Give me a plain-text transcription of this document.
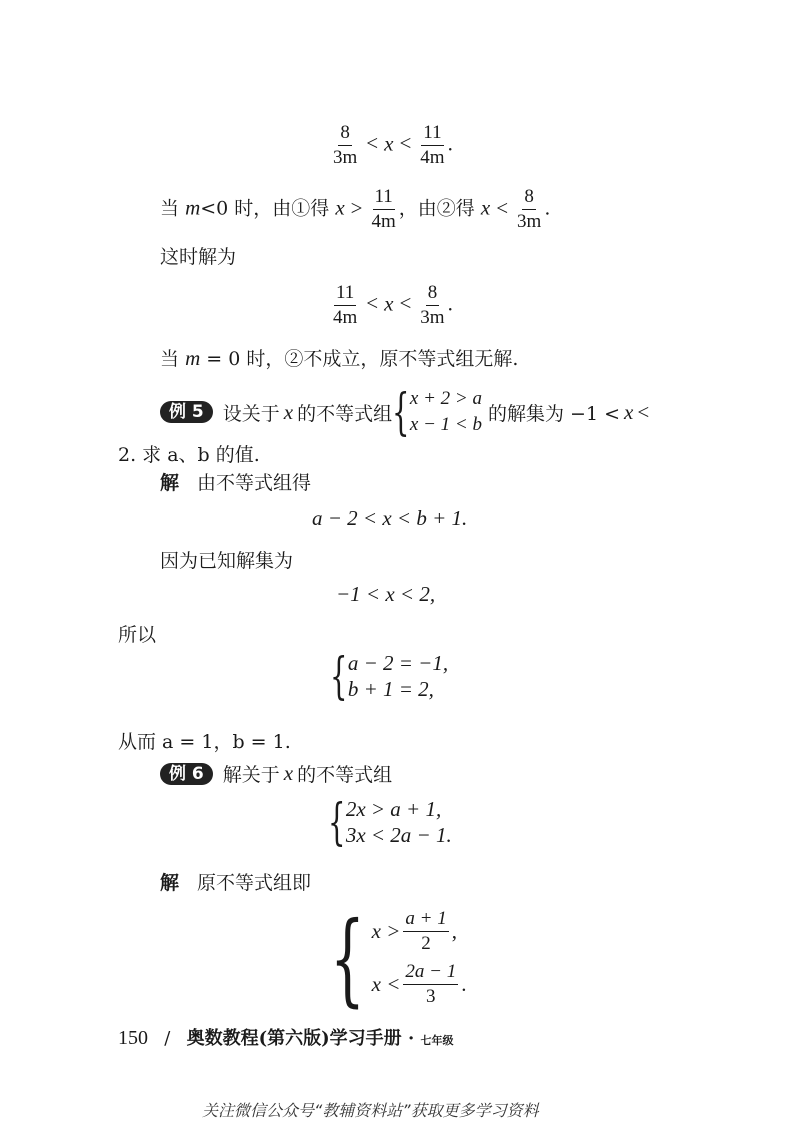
$\frac{8}{3m} < x < \frac{11}{4m}$ .
当 m<0 时，由①得 $x > \frac{11}{4m}$ ，由②得 $x < \frac{8}{3m}$ .
这时解为
$\frac{11}{4m} < x < \frac{8}{3m}$ .
当 m = 0 时，②不成立，原不等式组无解.
例 5	设关于 x 的不等式组 { x + 2 > a
x − 1 < b 的解集为 −1 < x <
2. 求 a、b 的值.
解 由不等式组得
a − 2 < x < b + 1.
因为已知解集为
−1 < x < 2,
所以
{ a − 2 = −1,
b + 1 = 2,
从而 a = 1，b = 1.
例 6	解关于 x 的不等式组
{ 2x > a + 1,
3x < 2a − 1.
解 原不等式组即
{ $x > \frac{a + 1}{2}$ ,
$x < \frac{2a - 1}{3}$ .
150 / 奥数教程(第六版)学习手册 · 七年级
关注微信公众号“教辅资料站”获取更多学习资料
